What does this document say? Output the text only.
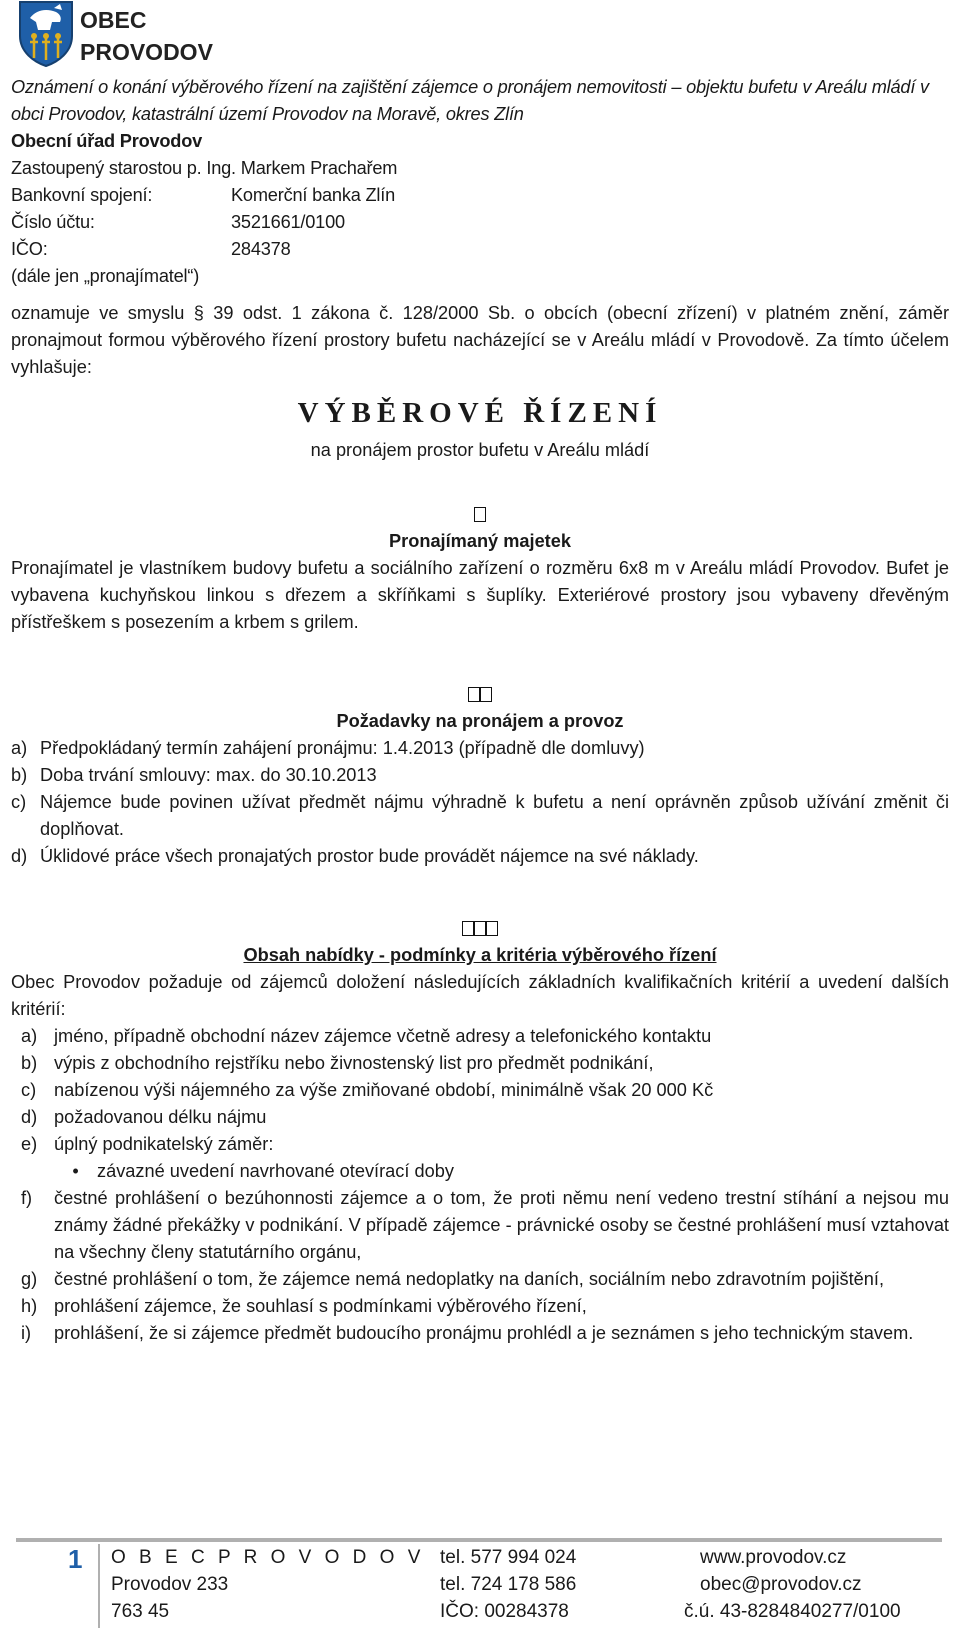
OBEC
PROVODOV

Oznámení o konání výběrového řízení na zajištění zájemce o pronájem nemovitosti – objektu bufetu v Areálu mládí v obci Provodov, katastrální území Provodov na Moravě, okres Zlín

Obecní úřad Provodov

Zastoupený starostou p. Ing. Markem Prachařem

Bankovní spojení:	Komerční banka Zlín
Číslo účtu:	3521661/0100
IČO:	284378

(dále jen „pronajímatel“)

oznamuje ve smyslu § 39 odst. 1 zákona č. 128/2000 Sb. o obcích (obecní zřízení) v platném znění, záměr pronajmout formou výběrového řízení prostory bufetu nacházející se v Areálu mládí v Provodově. Za tímto účelem vyhlašuje:

VÝBĚROVÉ ŘÍZENÍ

na pronájem prostor bufetu v Areálu mládí

Pronajímaný majetek

Pronajímatel je vlastníkem budovy bufetu a sociálního zařízení o rozměru 6x8 m v Areálu mládí Provodov. Bufet je vybavena kuchyňskou linkou s dřezem a skříňkami s šuplíky. Exteriérové prostory jsou vybaveny dřevěným přístřeškem s posezením a krbem s grilem.

Požadavky na pronájem a provoz

a) Předpokládaný termín zahájení pronájmu: 1.4.2013 (případně dle domluvy)
b) Doba trvání smlouvy: max. do 30.10.2013
c) Nájemce bude povinen užívat předmět nájmu výhradně k bufetu a není oprávněn způsob užívání změnit či doplňovat.
d) Úklidové práce všech pronajatých prostor bude provádět nájemce na své náklady.

Obsah nabídky - podmínky a kritéria výběrového řízení

Obec Provodov požaduje od zájemců doložení následujících základních kvalifikačních kritérií a uvedení dalších kritérií:

a) jméno, případně obchodní název zájemce včetně adresy a telefonického kontaktu
b) výpis z obchodního rejstříku nebo živnostenský list pro předmět podnikání,
c) nabízenou výši nájemného za výše zmiňované období, minimálně však 20 000 Kč
d) požadovanou délku nájmu
e) úplný podnikatelský záměr:
•	závazné uvedení navrhované otevírací doby
f)	čestné prohlášení o bezúhonnosti zájemce a o tom, že proti němu není vedeno trestní stíhání a nejsou mu známy žádné překážky v podnikání. V případě zájemce - právnické osoby se čestné prohlášení musí vztahovat na všechny členy statutárního orgánu,
g) čestné prohlášení o tom, že zájemce nemá nedoplatky na daních, sociálním nebo zdravotním pojištění,
h) prohlášení zájemce, že souhlasí s podmínkami výběrového řízení,
i)	prohlášení, že si zájemce předmět budoucího pronájmu prohlédl a je seznámen s jeho technickým stavem.
1 O B E C P R O V O D O V
Provodov 233
763 45
tel. 577 994 024
tel. 724 178 586
IČO: 00284378
www.provodov.cz
obec@provodov.cz
č.ú. 43-8284840277/0100
